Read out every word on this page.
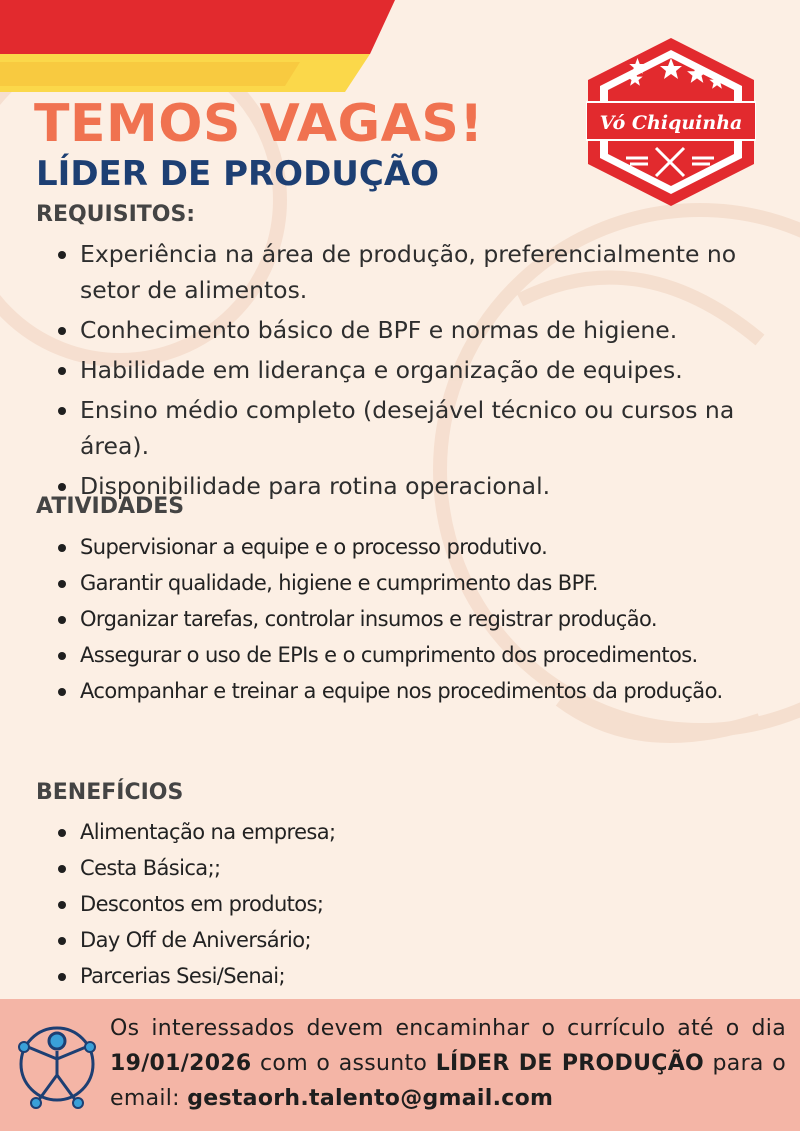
Vó Chiquinha
TEMOS VAGAS!
LÍDER DE PRODUÇÃO
REQUISITOS:
Experiência na área de produção, preferencialmente no setor de alimentos.
Conhecimento básico de BPF e normas de higiene.
Habilidade em liderança e organização de equipes.
Ensino médio completo (desejável técnico ou cursos na área).
Disponibilidade para rotina operacional.
ATIVIDADES
Supervisionar a equipe e o processo produtivo.
Garantir qualidade, higiene e cumprimento das BPF.
Organizar tarefas, controlar insumos e registrar produção.
Assegurar o uso de EPIs e o cumprimento dos procedimentos.
Acompanhar e treinar a equipe nos procedimentos da produção.
BENEFÍCIOS
Alimentação na empresa;
Cesta Básica;;
Descontos em produtos;
Day Off de Aniversário;
Parcerias Sesi/Senai;
Os interessados devem encaminhar o currículo até o dia 19/01/2026 com o assunto LÍDER DE PRODUÇÃO para o email: gestaorh.talento@gmail.com
